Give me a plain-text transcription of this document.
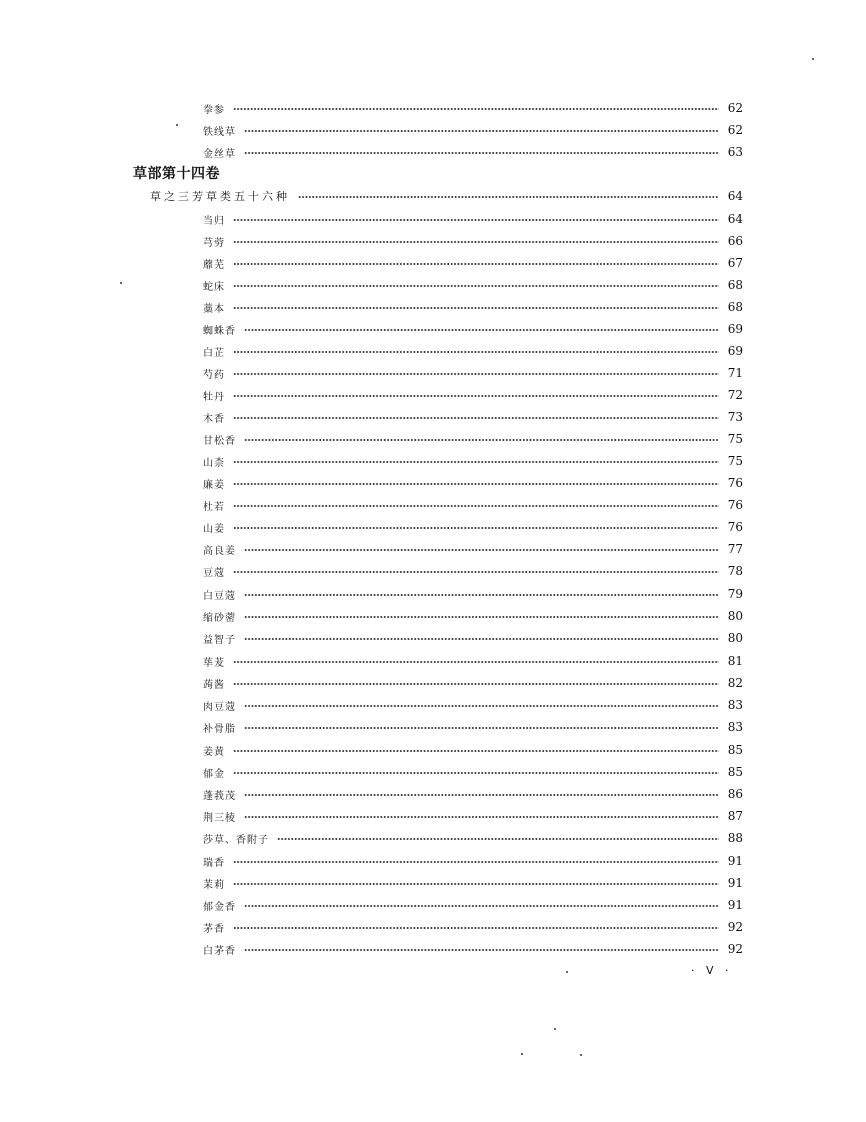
拳参	62
铁线草	62
金丝草	63
草部第十四卷
草之三芳草类五十六种	64
当归	64
芎䓖	66
蘼芜	67
蛇床	68
藁本	68
蜘蛛香	69
白芷	69
芍药	71
牡丹	72
木香	73
甘松香	75
山柰	75
廉姜	76
杜若	76
山姜	76
高良姜	77
豆蔻	78
白豆蔻	79
缩砂蔤	80
益智子	80
荜茇	81
蒟酱	82
肉豆蔻	83
补骨脂	83
姜黄	85
郁金	85
蓬莪茂	86
荆三棱	87
莎草、香附子	88
瑞香	91
茉莉	91
郁金香	91
茅香	92
白茅香	92
· V ·
